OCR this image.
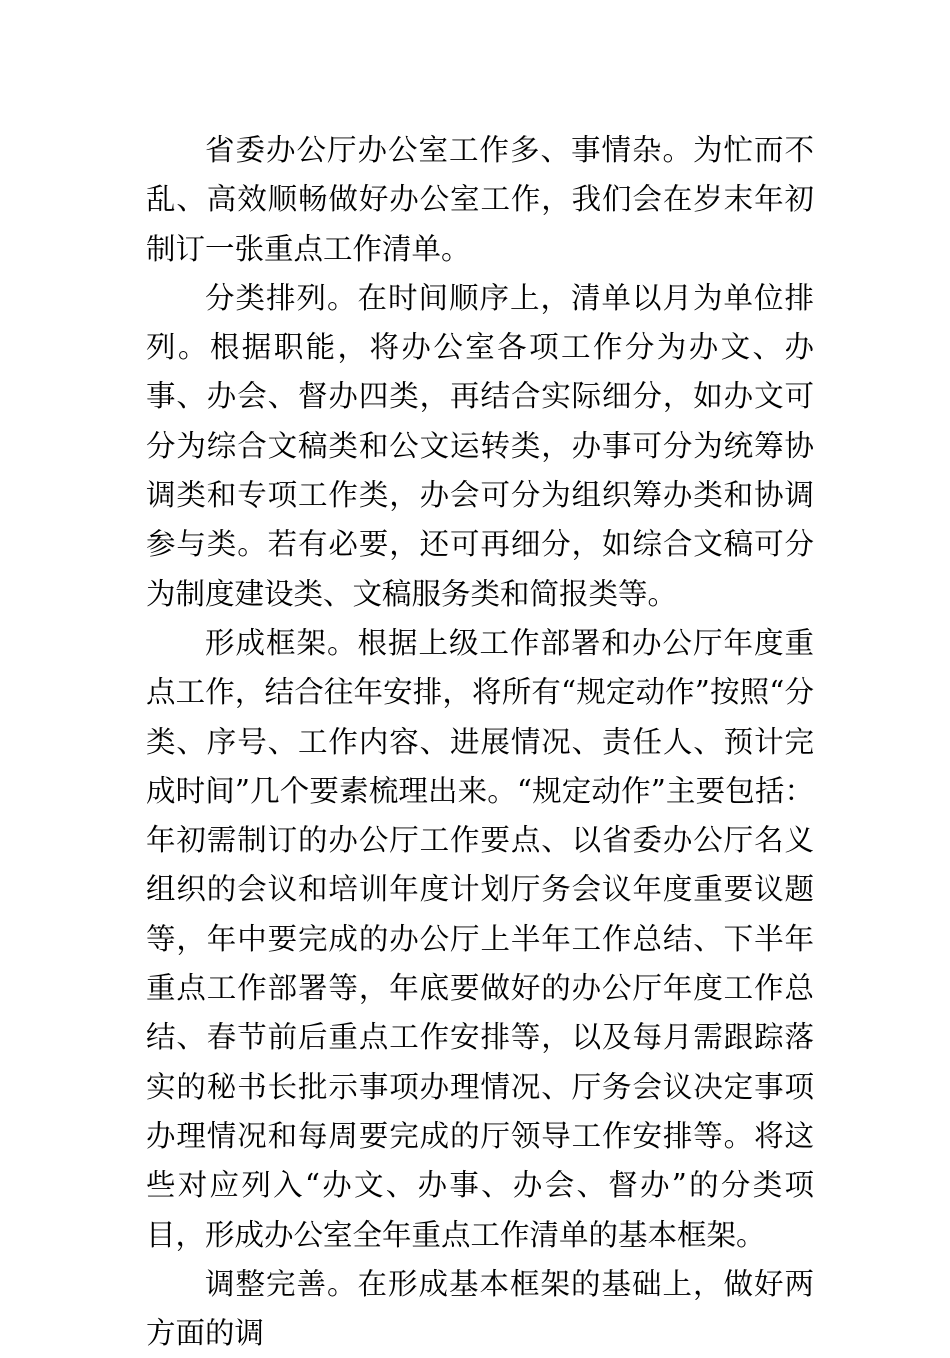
省委办公厅办公室工作多、事情杂。为忙而不乱、高效顺畅做好办公室工作，我们会在岁末年初制订一张重点工作清单。

分类排列。在时间顺序上，清单以月为单位排列。根据职能，将办公室各项工作分为办文、办事、办会、督办四类，再结合实际细分，如办文可分为综合文稿类和公文运转类，办事可分为统筹协调类和专项工作类，办会可分为组织筹办类和协调参与类。若有必要，还可再细分，如综合文稿可分为制度建设类、文稿服务类和简报类等。

形成框架。根据上级工作部署和办公厅年度重点工作，结合往年安排，将所有“规定动作”按照“分类、序号、工作内容、进展情况、责任人、预计完成时间”几个要素梳理出来。“规定动作”主要包括：年初需制订的办公厅工作要点、以省委办公厅名义组织的会议和培训年度计划厅务会议年度重要议题等，年中要完成的办公厅上半年工作总结、下半年重点工作部署等，年底要做好的办公厅年度工作总结、春节前后重点工作安排等，以及每月需跟踪落实的秘书长批示事项办理情况、厅务会议决定事项办理情况和每周要完成的厅领导工作安排等。将这些对应列入“办文、办事、办会、督办”的分类项目，形成办公室全年重点工作清单的基本框架。

调整完善。在形成基本框架的基础上，做好两方面的调
